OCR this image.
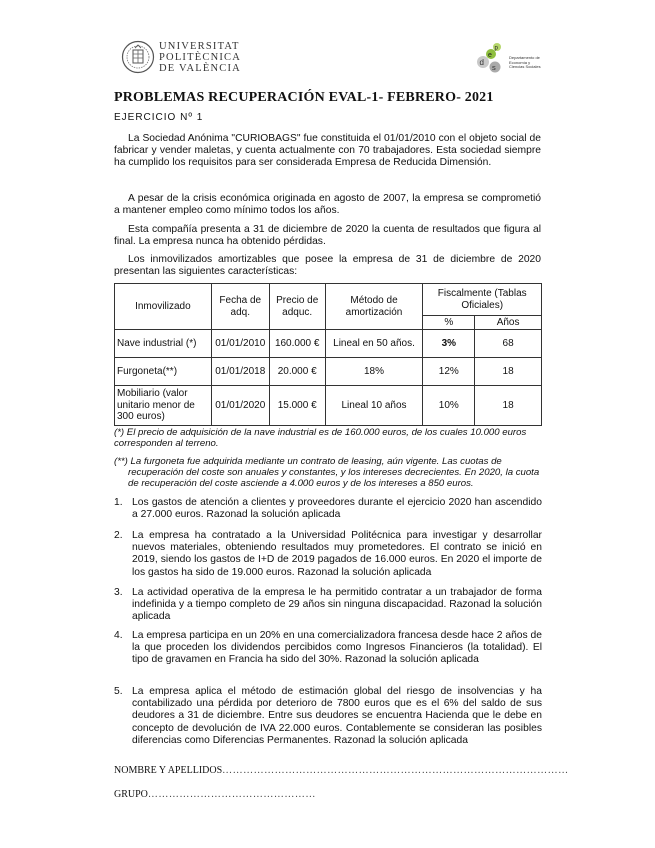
UNIVERSITAT
POLITÈCNICA
DE VALÈNCIA
d
e
s
p
Departamento de
Economía y
Ciencias Sociales
PROBLEMAS RECUPERACIÓN EVAL-1- FEBRERO- 2021
EJERCICIO Nº 1
La Sociedad Anónima "CURIOBAGS" fue constituida el 01/01/2010 con el objeto social de fabricar y vender maletas, y cuenta actualmente con 70 trabajadores. Esta sociedad siempre ha cumplido los requisitos para ser considerada Empresa de Reducida Dimensión.
A pesar de la crisis económica originada en agosto de 2007, la empresa se comprometió a mantener empleo como mínimo todos los años.
Esta compañía presenta a 31 de diciembre de 2020 la cuenta de resultados que figura al final. La empresa nunca ha obtenido pérdidas.
Los inmovilizados amortizables que posee la empresa de 31 de diciembre de 2020 presentan las siguientes características:
Inmovilizado	Fecha de adq.	Precio de adquc.	Método de amortización	Fiscalmente (Tablas Oficiales)	
				%	Años
Nave industrial (*)	01/01/2010	160.000 €	Lineal en 50 años.	3%	68
Furgoneta(**)	01/01/2018	20.000 €	18%	12%	18
Mobiliario (valor unitario menor de 300 euros)	01/01/2020	15.000 €	Lineal 10 años	10%	18
(*) El precio de adquisición de la nave industrial es de 160.000 euros, de los cuales 10.000 euros corresponden al terreno.
(**) La furgoneta fue adquirida mediante un contrato de leasing, aún vigente. Las cuotas de recuperación del coste son anuales y constantes, y los intereses decrecientes. En 2020, la cuota de recuperación del coste asciende a 4.000 euros y de los intereses a 850 euros.
1. Los gastos de atención a clientes y proveedores durante el ejercicio 2020 han ascendido a 27.000 euros. Razonad la solución aplicada
2. La empresa ha contratado a la Universidad Politécnica para investigar y desarrollar nuevos materiales, obteniendo resultados muy prometedores. El contrato se inició en 2019, siendo los gastos de I+D de 2019 pagados de 16.000 euros. En 2020 el importe de los gastos ha sido de 19.000 euros. Razonad la solución aplicada
3. La actividad operativa de la empresa le ha permitido contratar a un trabajador de forma indefinida y a tiempo completo de 29 años sin ninguna discapacidad. Razonad la solución aplicada
4. La empresa participa en un 20% en una comercializadora francesa desde hace 2 años de la que proceden los dividendos percibidos como Ingresos Financieros (la totalidad). El tipo de gravamen en Francia ha sido del 30%. Razonad la solución aplicada
5. La empresa aplica el método de estimación global del riesgo de insolvencias y ha contabilizado una pérdida por deterioro de 7800 euros que es el 6% del saldo de sus deudores a 31 de diciembre. Entre sus deudores se encuentra Hacienda que le debe en concepto de devolución de IVA 22.000 euros. Contablemente se consideran las posibles diferencias como Diferencias Permanentes. Razonad la solución aplicada
NOMBRE Y APELLIDOS………………………………………………………………………………………
GRUPO…………………………………………
